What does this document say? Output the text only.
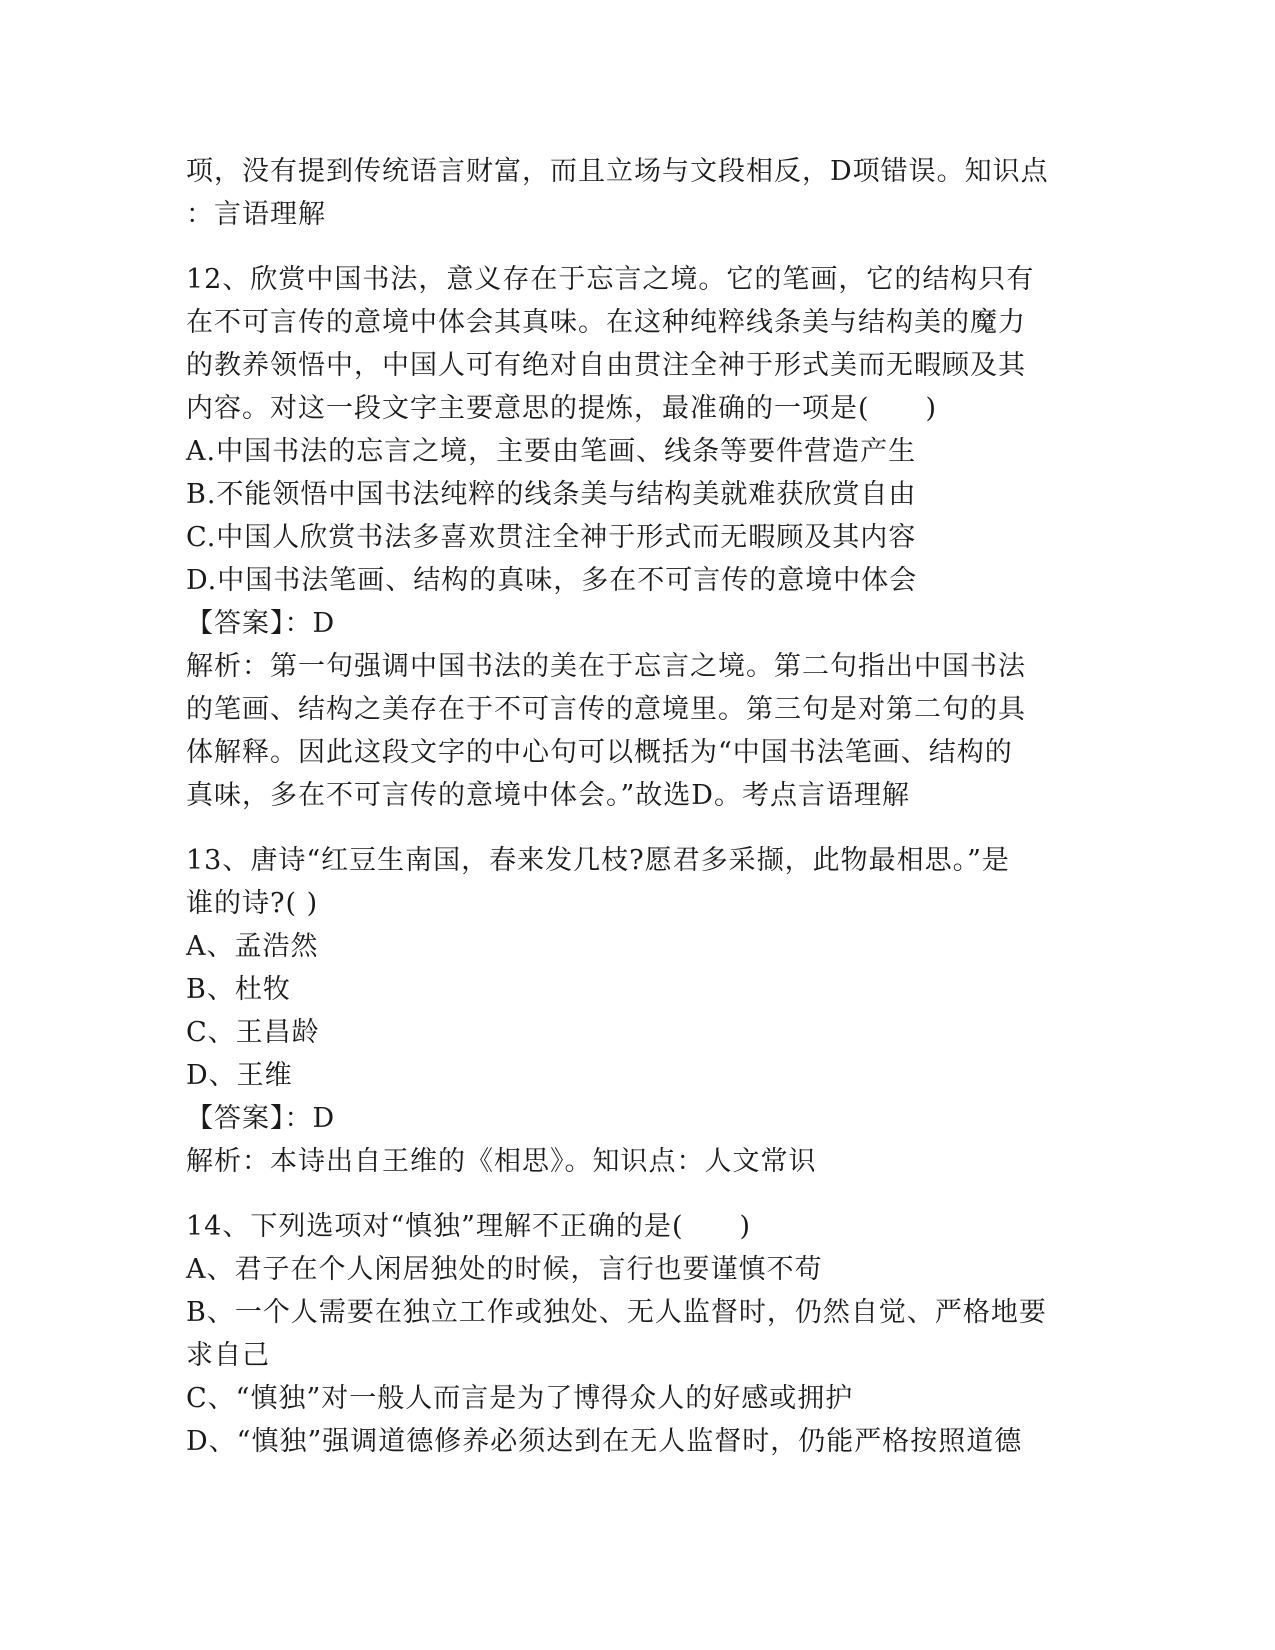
项，没有提到传统语言财富，而且立场与文段相反，D项错误。知识点
：言语理解
12、欣赏中国书法，意义存在于忘言之境。它的笔画，它的结构只有
在不可言传的意境中体会其真味。在这种纯粹线条美与结构美的魔力
的教养领悟中，中国人可有绝对自由贯注全神于形式美而无暇顾及其
内容。对这一段文字主要意思的提炼，最准确的一项是(　　)
A.中国书法的忘言之境，主要由笔画、线条等要件营造产生
B.不能领悟中国书法纯粹的线条美与结构美就难获欣赏自由
C.中国人欣赏书法多喜欢贯注全神于形式而无暇顾及其内容
D.中国书法笔画、结构的真味，多在不可言传的意境中体会
【答案】：D
解析：第一句强调中国书法的美在于忘言之境。第二句指出中国书法
的笔画、结构之美存在于不可言传的意境里。第三句是对第二句的具
体解释。因此这段文字的中心句可以概括为“中国书法笔画、结构的
真味，多在不可言传的意境中体会。”故选D。考点言语理解
13、唐诗“红豆生南国，春来发几枝?愿君多采撷，此物最相思。”是
谁的诗?( )
A、孟浩然
B、杜牧
C、王昌龄
D、王维
【答案】：D
解析：本诗出自王维的《相思》。知识点：人文常识
14、下列选项对“慎独”理解不正确的是(　　)
A、君子在个人闲居独处的时候，言行也要谨慎不苟
B、一个人需要在独立工作或独处、无人监督时，仍然自觉、严格地要
求自己
C、“慎独”对一般人而言是为了博得众人的好感或拥护
D、“慎独”强调道德修养必须达到在无人监督时，仍能严格按照道德
